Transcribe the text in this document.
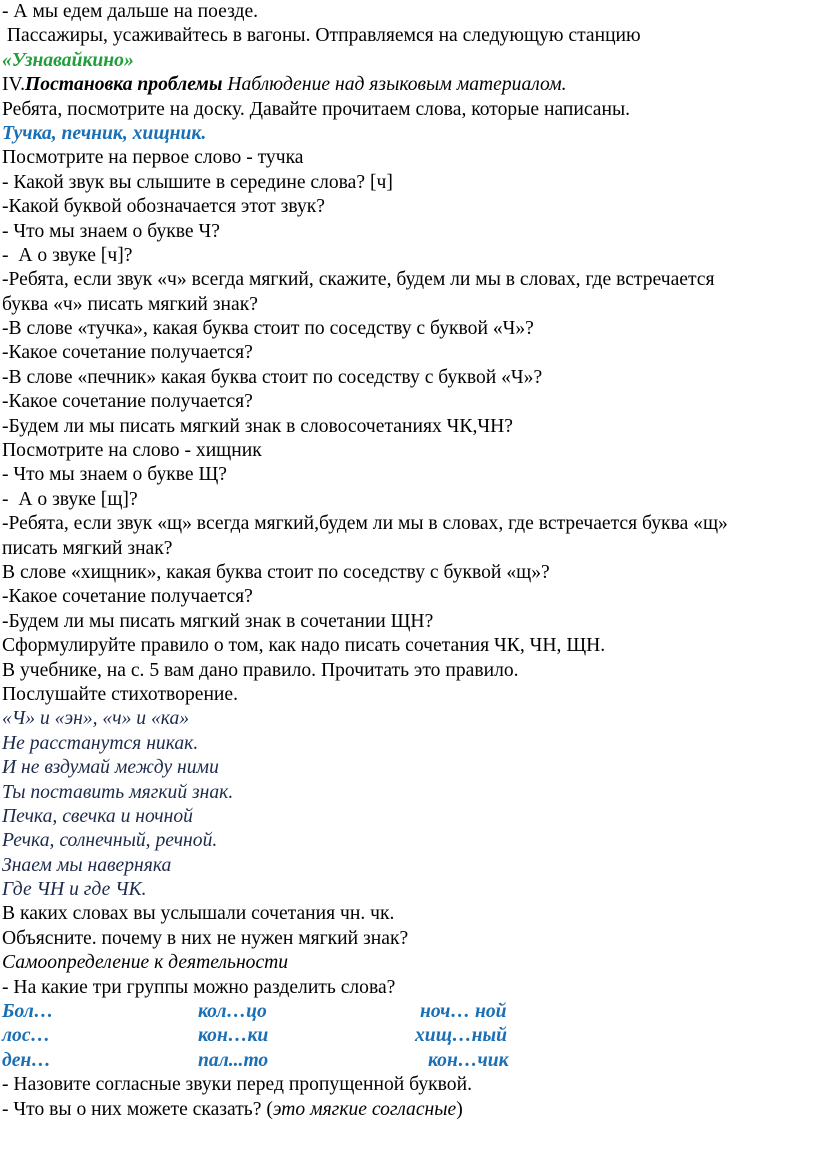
- А мы едем дальше на поезде.
Пассажиры, усаживайтесь в вагоны. Отправляемся на следующую станцию
«Узнавайкино»
IV.Постановка проблемы Наблюдение над языковым материалом.
Ребята, посмотрите на доску. Давайте прочитаем слова, которые написаны.
Тучка, печник, хищник.
Посмотрите на первое слово - тучка
- Какой звук вы слышите в середине слова? [ч]
-Какой буквой обозначается этот звук?
- Что мы знаем о букве Ч?
-  А о звуке [ч]?
-Ребята, если звук «ч» всегда мягкий, скажите, будем ли мы в словах, где встречается
буква «ч» писать мягкий знак?
-В слове «тучка», какая буква стоит по соседству с буквой «Ч»?
-Какое сочетание получается?
-В слове «печник» какая буква стоит по соседству с буквой «Ч»?
-Какое сочетание получается?
-Будем ли мы писать мягкий знак в словосочетаниях ЧК,ЧН?
Посмотрите на слово - хищник
- Что мы знаем о букве Щ?
-  А о звуке [щ]?
-Ребята, если звук «щ» всегда мягкий,будем ли мы в словах, где встречается буква «щ»
писать мягкий знак?
В слове «хищник», какая буква стоит по соседству с буквой «щ»?
-Какое сочетание получается?
-Будем ли мы писать мягкий знак в сочетании ЩН?
Сформулируйте правило о том, как надо писать сочетания ЧК, ЧН, ЩН.
В учебнике, на с. 5 вам дано правило. Прочитать это правило.
Послушайте стихотворение.
«Ч» и «эн», «ч» и «ка»
Не расстанутся никак.
И не вздумай между ними
Ты поставить мягкий знак.
Печка, свечка и ночной
Речка, солнечный, речной.
Знаем мы наверняка
Где ЧН и где ЧК.
В каких словах вы услышали сочетания чн. чк.
Объясните. почему в них не нужен мягкий знак?
Самоопределение к деятельности
- На какие три группы можно разделить слова?
Бол…	кол…цо	ноч… ной
лос…	кон…ки	хищ…ный
ден…	пал...то	кон…чик
- Назовите согласные звуки перед пропущенной буквой.
- Что вы о них можете сказать? (это мягкие согласные)
